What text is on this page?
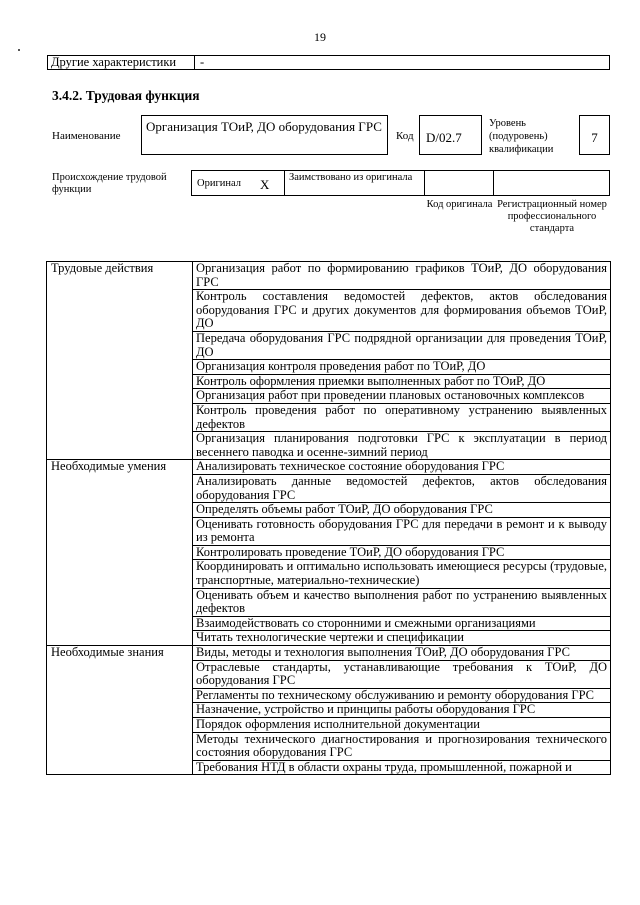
19
Другие характеристики	-
3.4.2. Трудовая функция
Наименование
Организация ТОиР, ДО оборудования ГРС
Код D/02.7
Уровень (подуровень) квалификации
7
Происхождение трудовой функции
Оригинал X	Заимствовано из оригинала
Код оригинала Регистрационный номер профессионального стандарта
Трудовые действия	Организация работ по формированию графиков ТОиР, ДО оборудования ГРС
	Контроль составления ведомостей дефектов, актов обследования оборудования ГРС и других документов для формирования объемов ТОиР, ДО
	Передача оборудования ГРС подрядной организации для проведения ТОиР, ДО
	Организация контроля проведения работ по ТОиР, ДО
	Контроль оформления приемки выполненных работ по ТОиР, ДО
	Организация работ при проведении плановых остановочных комплексов
	Контроль проведения работ по оперативному устранению выявленных дефектов
	Организация планирования подготовки ГРС к эксплуатации в период весеннего паводка и осенне-зимний период
Необходимые умения	Анализировать техническое состояние оборудования ГРС
	Анализировать данные ведомостей дефектов, актов обследования оборудования ГРС
	Определять объемы работ ТОиР, ДО оборудования ГРС
	Оценивать готовность оборудования ГРС для передачи в ремонт и к выводу из ремонта
	Контролировать проведение ТОиР, ДО оборудования ГРС
	Координировать и оптимально использовать имеющиеся ресурсы (трудовые, транспортные, материально-технические)
	Оценивать объем и качество выполнения работ по устранению выявленных дефектов
	Взаимодействовать со сторонними и смежными организациями
	Читать технологические чертежи и спецификации
Необходимые знания	Виды, методы и технология выполнения ТОиР, ДО оборудования ГРС
	Отраслевые стандарты, устанавливающие требования к ТОиР, ДО оборудования ГРС
	Регламенты по техническому обслуживанию и ремонту оборудования ГРС
	Назначение, устройство и принципы работы оборудования ГРС
	Порядок оформления исполнительной документации
	Методы технического диагностирования и прогнозирования технического состояния оборудования ГРС
	Требования НТД в области охраны труда, промышленной, пожарной и
